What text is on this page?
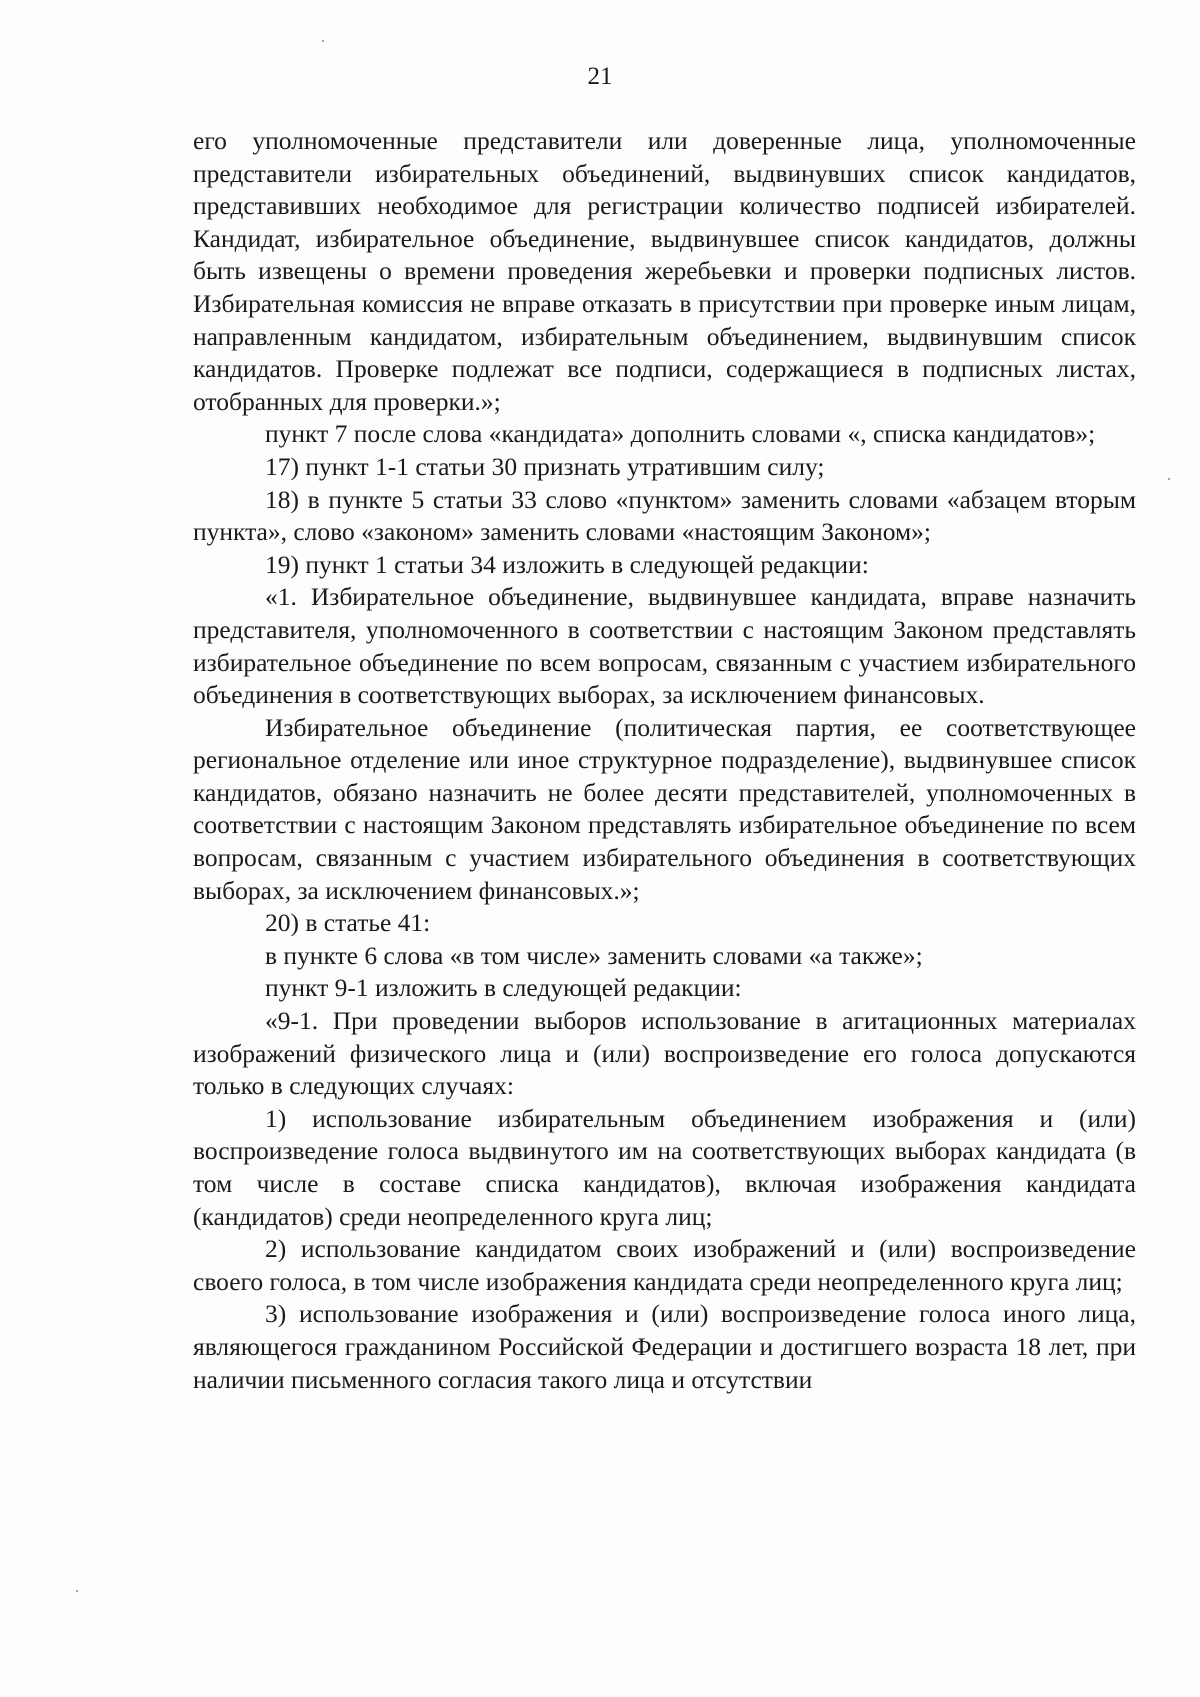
21

его уполномоченные представители или доверенные лица, уполномоченные представители избирательных объединений, выдвинувших список кандидатов, представивших необходимое для регистрации количество подписей избирателей. Кандидат, избирательное объединение, выдвинувшее список кандидатов, должны быть извещены о времени проведения жеребьевки и проверки подписных листов. Избирательная комиссия не вправе отказать в присутствии при проверке иным лицам, направленным кандидатом, избирательным объединением, выдвинувшим список кандидатов. Проверке подлежат все подписи, содержащиеся в подписных листах, отобранных для проверки.»;

пункт 7 после слова «кандидата» дополнить словами «, списка кандидатов»;

17) пункт 1-1 статьи 30 признать утратившим силу;

18) в пункте 5 статьи 33 слово «пунктом» заменить словами «абзацем вторым пункта», слово «законом» заменить словами «настоящим Законом»;

19) пункт 1 статьи 34 изложить в следующей редакции:

«1. Избирательное объединение, выдвинувшее кандидата, вправе назначить представителя, уполномоченного в соответствии с настоящим Законом представлять избирательное объединение по всем вопросам, связанным с участием избирательного объединения в соответствующих выборах, за исключением финансовых.

Избирательное объединение (политическая партия, ее соответствующее региональное отделение или иное структурное подразделение), выдвинувшее список кандидатов, обязано назначить не более десяти представителей, уполномоченных в соответствии с настоящим Законом представлять избирательное объединение по всем вопросам, связанным с участием избирательного объединения в соответствующих выборах, за исключением финансовых.»;

20) в статье 41:

в пункте 6 слова «в том числе» заменить словами «а также»;

пункт 9-1 изложить в следующей редакции:

«9-1. При проведении выборов использование в агитационных материалах изображений физического лица и (или) воспроизведение его голоса допускаются только в следующих случаях:

1) использование избирательным объединением изображения и (или) воспроизведение голоса выдвинутого им на соответствующих выборах кандидата (в том числе в составе списка кандидатов), включая изображения кандидата (кандидатов) среди неопределенного круга лиц;

2) использование кандидатом своих изображений и (или) воспроизведение своего голоса, в том числе изображения кандидата среди неопределенного круга лиц;

3) использование изображения и (или) воспроизведение голоса иного лица, являющегося гражданином Российской Федерации и достигшего возраста 18 лет, при наличии письменного согласия такого лица и отсутствии
